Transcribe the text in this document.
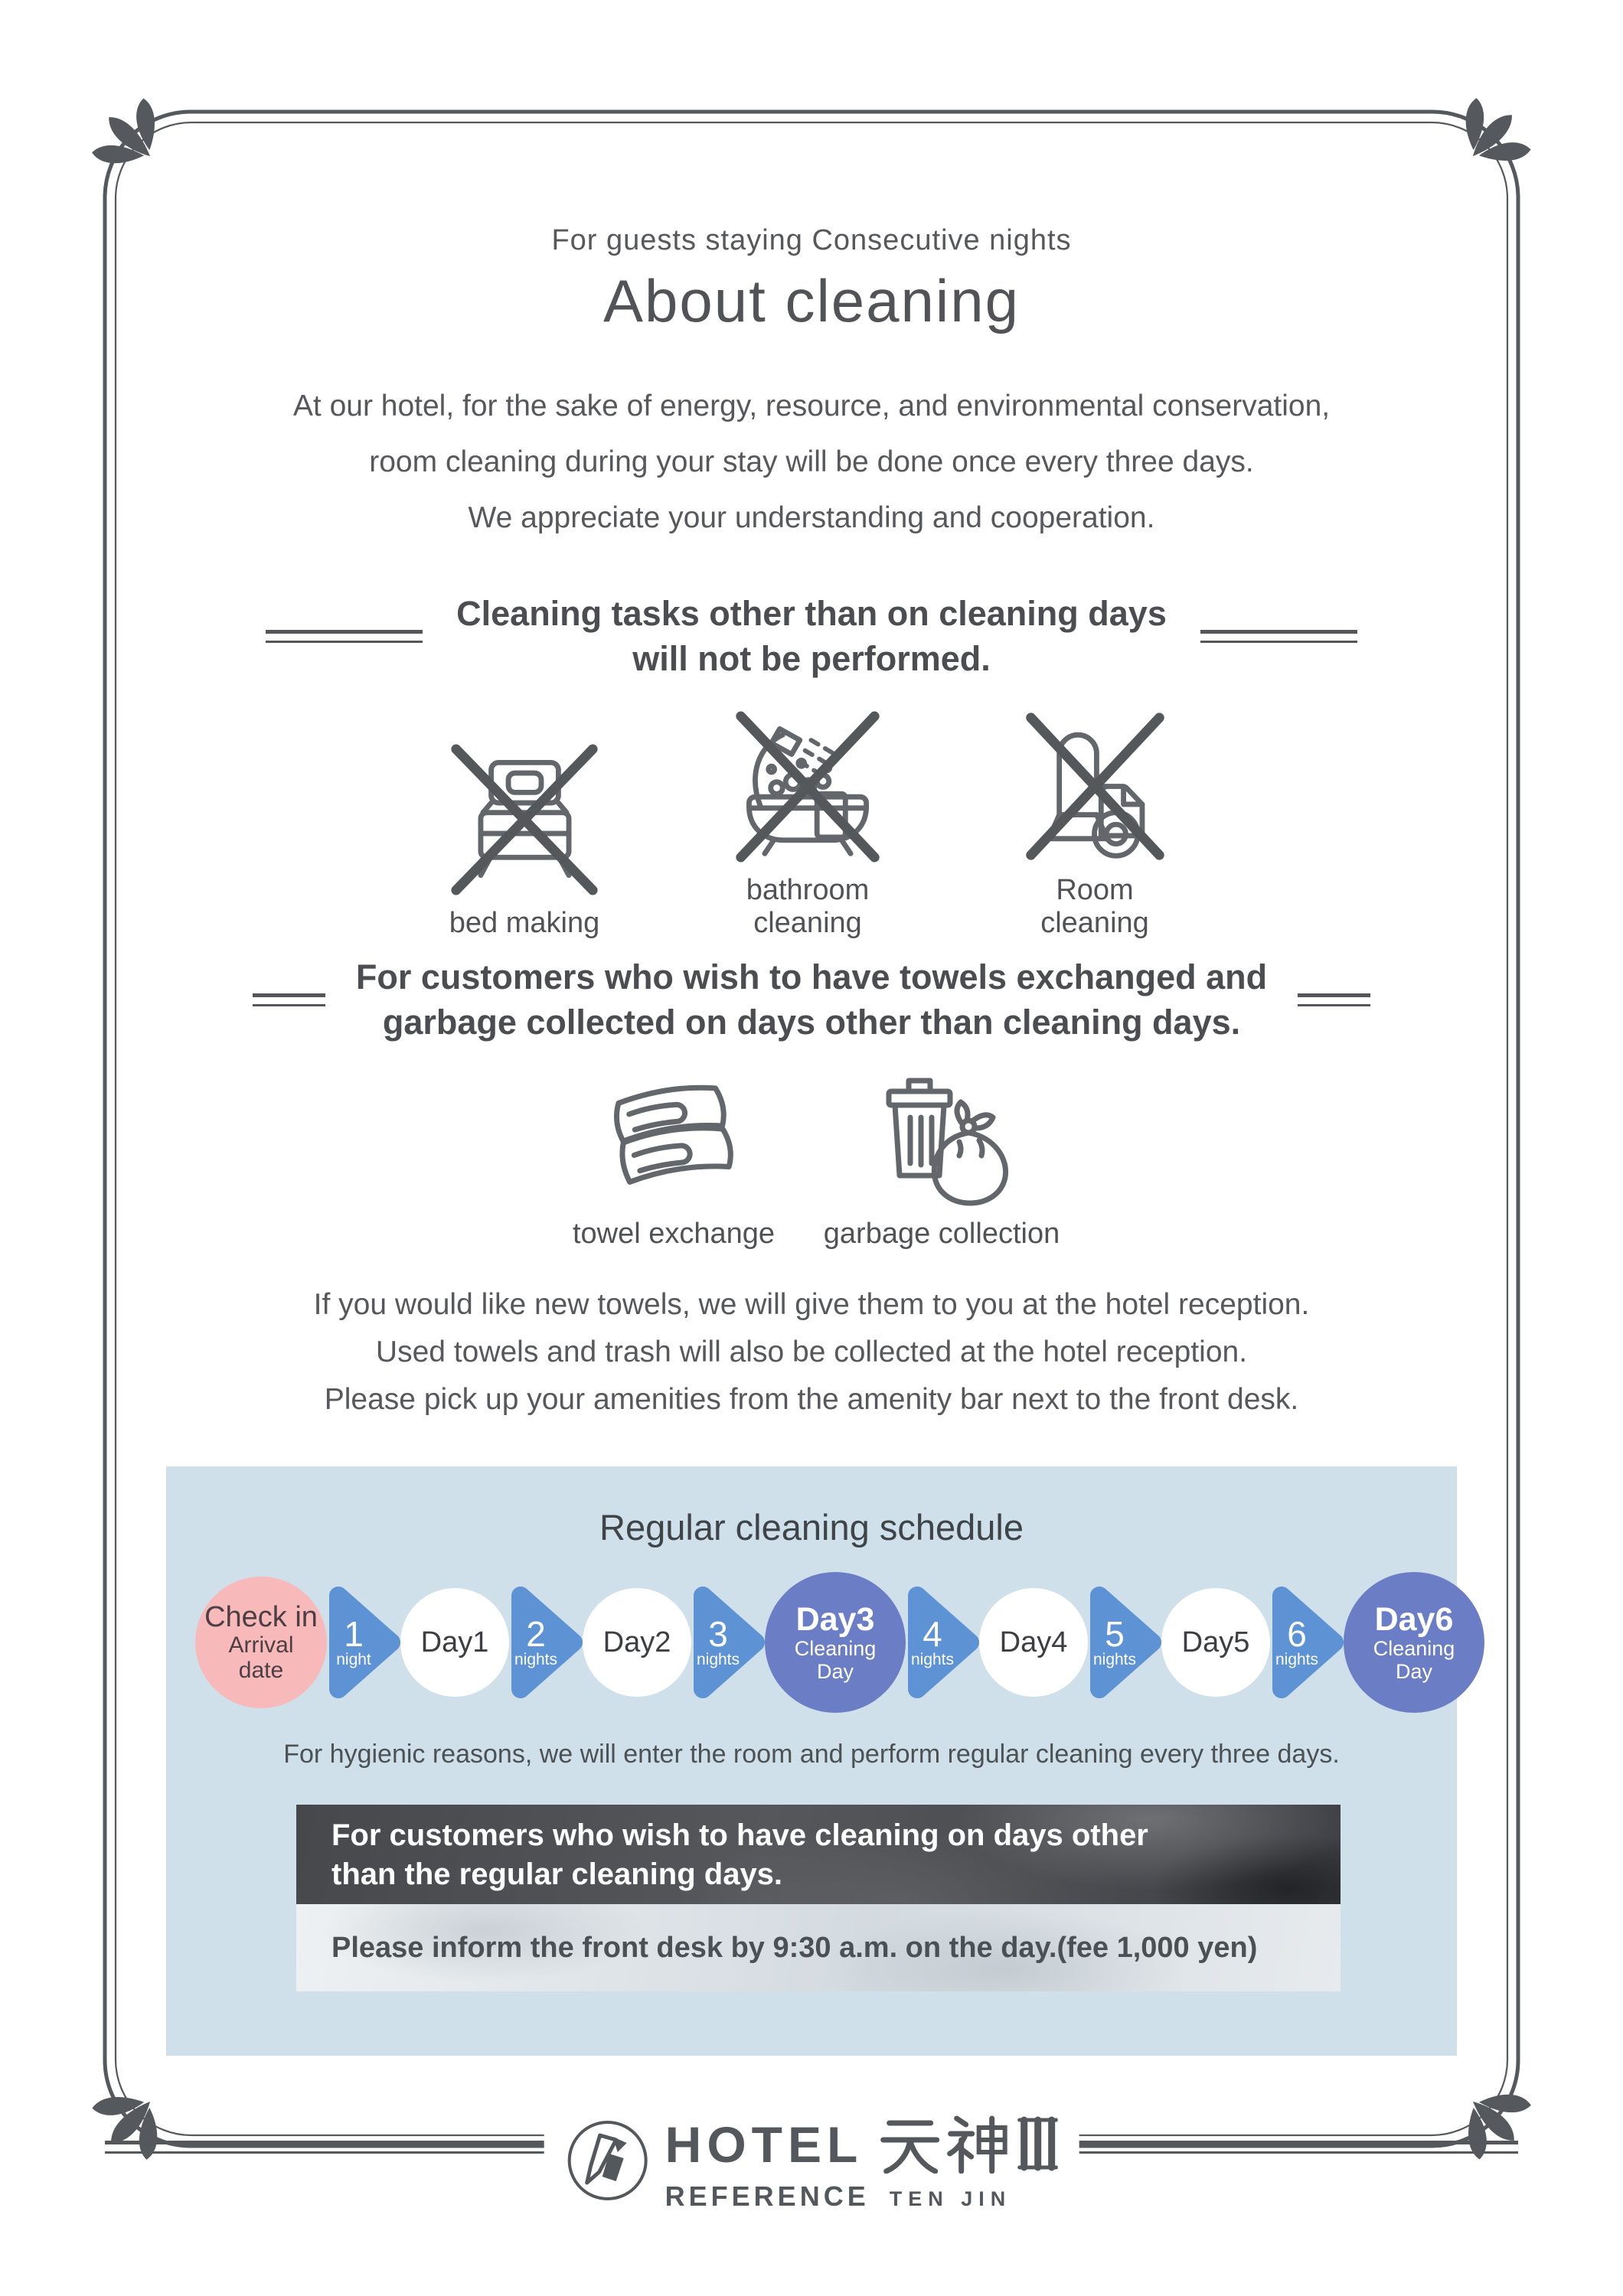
For guests staying Consecutive nights
About cleaning
At our hotel, for the sake of energy, resource, and environmental conservation,
room cleaning during your stay will be done once every three days.
We appreciate your understanding and cooperation.
Cleaning tasks other than on cleaning days
will not be performed.
bed making
bathroom cleaning
Room cleaning
For customers who wish to have towels exchanged and
garbage collected on days other than cleaning days.
towel exchange	garbage collection
If you would like new towels, we will give them to you at the hotel reception.
Used towels and trash will also be collected at the hotel reception.
Please pick up your amenities from the amenity bar next to the front desk.
Regular cleaning schedule
Check in
Arrival
date
1
night
Day1	2
nights
Day2	3
nights
Day3
Cleaning
Day
4
nights
Day4	5
nights
Day5	6
nights
Day6
Cleaning
Day
For hygienic reasons, we will enter the room and perform regular cleaning every three days.
For customers who wish to have cleaning on days other
than the regular cleaning days.
Please inform the front desk by 9:30 a.m. on the day.(fee 1,000 yen)
HOTEL
REFERENCE TEN JIN
